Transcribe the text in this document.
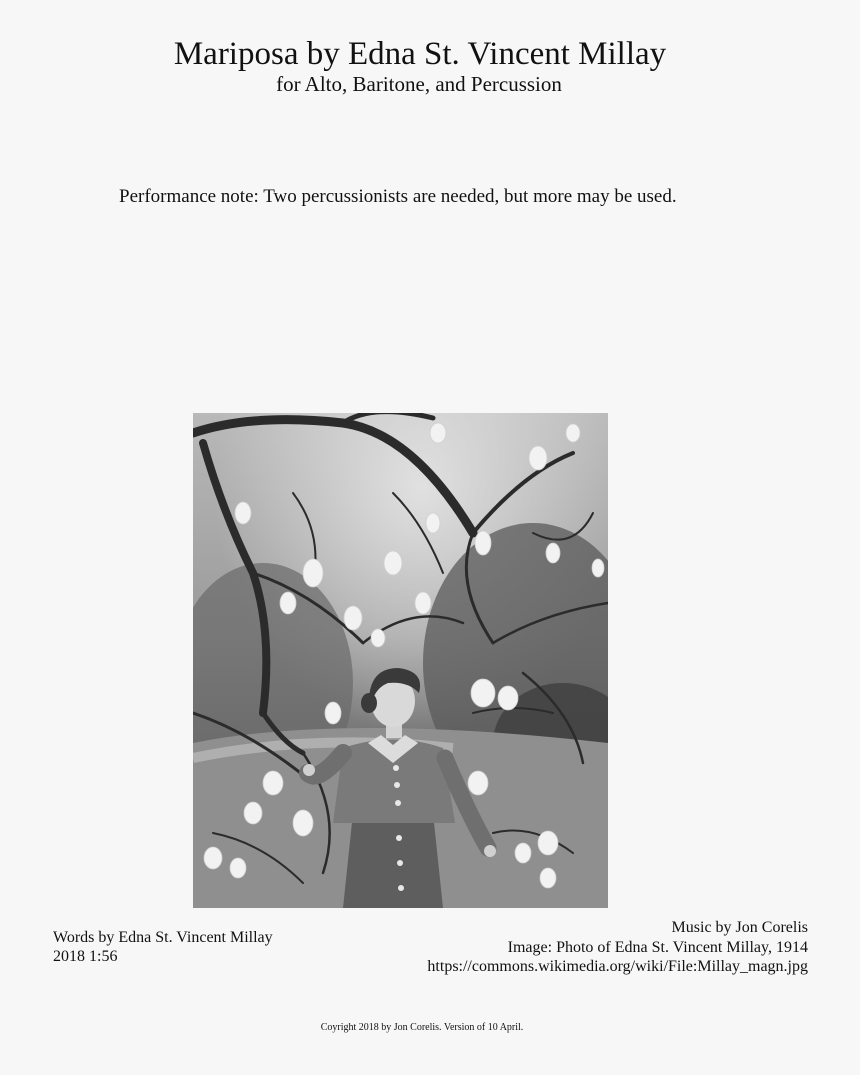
Mariposa by Edna St. Vincent Millay
for Alto, Baritone, and Percussion
Performance note: Two percussionists are needed, but more may be used.
Words by Edna St. Vincent Millay
2018 1:56
Music by Jon Corelis
Image: Photo of Edna St. Vincent Millay, 1914
https://commons.wikimedia.org/wiki/File:Millay_magn.jpg
Coyright 2018 by Jon Corelis. Version of 10 April.
